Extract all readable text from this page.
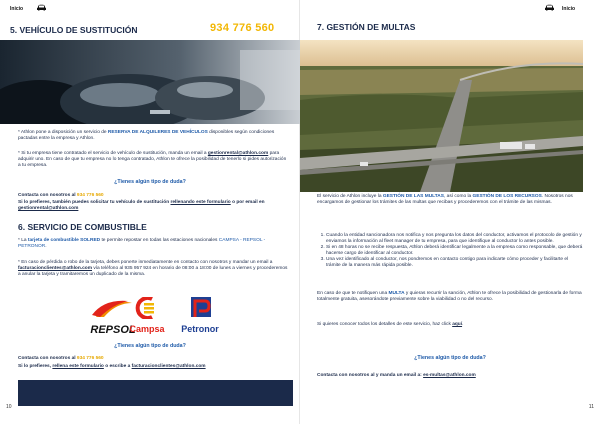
Inicio
5. VEHÍCULO DE SUSTITUCIÓN	934 776 560

* Athlon pone a disposición un servicio de RESERVA DE ALQUILERES DE VEHÍCULOS disponibles según condiciones pactadas entre la empresa y Athlon.

* Si tu empresa tiene contratado el servicio de vehículo de sustitución, manda un email a gestionrental@athlon.com para adquirir uno. En caso de que tu empresa no lo tenga contratado, Athlon te ofrece la posibilidad de tenerlo si pides autorización a tu empresa.

¿Tienes algún tipo de duda?

Contacta con nosotros al 934 776 560

Si lo prefieres, también puedes solicitar tu vehículo de sustitución rellenando este formulario o por email en gestionrental@athlon.com

6. SERVICIO DE COMBUSTIBLE

* La tarjeta de combustible SOLRED te permite repostar en todas las estaciones nacionales CAMPSA - REPSOL - PETRONOR.

* En caso de pérdida o robo de la tarjeta, debes ponerte inmediatamente en contacto con nosotros y mandar un email a facturacionclientes@athlon.com vía teléfono al 935 957 924 en horario de 08:00 a 18:00 de lunes a viernes y procederemos a anular la tarjeta y tramitaremos un duplicado de la misma.

REPSOL
Campsa	Petronor
¿Tienes algún tipo de duda?

Contacta con nosotros al 934 776 560

Si lo prefieres, rellena este formulario o escribe a facturacionclientes@athlon.com

10
Inicio
7. GESTIÓN DE MULTAS

El servicio de Athlon incluye la GESTIÓN DE LAS MULTAS, así como la GESTIÓN DE LOS RECURSOS. Nosotros nos encargamos de gestionar los trámites de las multas que recibas y procederemos con el trámite de las mismas.

1. Cuando la entidad sancionadora nos notifica y nos pregunta los datos del conductor, activamos el protocolo de gestión y enviamos la información al fleet manager de tu empresa, para que identifique al conductor lo antes posible.
2. Si en 48 horas no se recibe respuesta, Athlon deberá identificar legalmente a la empresa como responsable, que deberá hacerse cargo de identificar al conductor.
3. Una vez identificado al conductor, nos pondremos en contacto contigo para indicarte cómo proceder y facilitarte el trámite de la manera más rápida posible.

En caso de que te notifiquen una MULTA y quieras recurrir la sanción, Athlon te ofrece la posibilidad de gestionarla de forma totalmente gratuita, asesorándote previamente sobre la viabilidad o no del recurso.

Si quieres conocer todos los detalles de este servicio, haz click aquí.

¿Tienes algún tipo de duda?

Contacta con nosotros al y manda un email a: es-multas@athlon.com

11
